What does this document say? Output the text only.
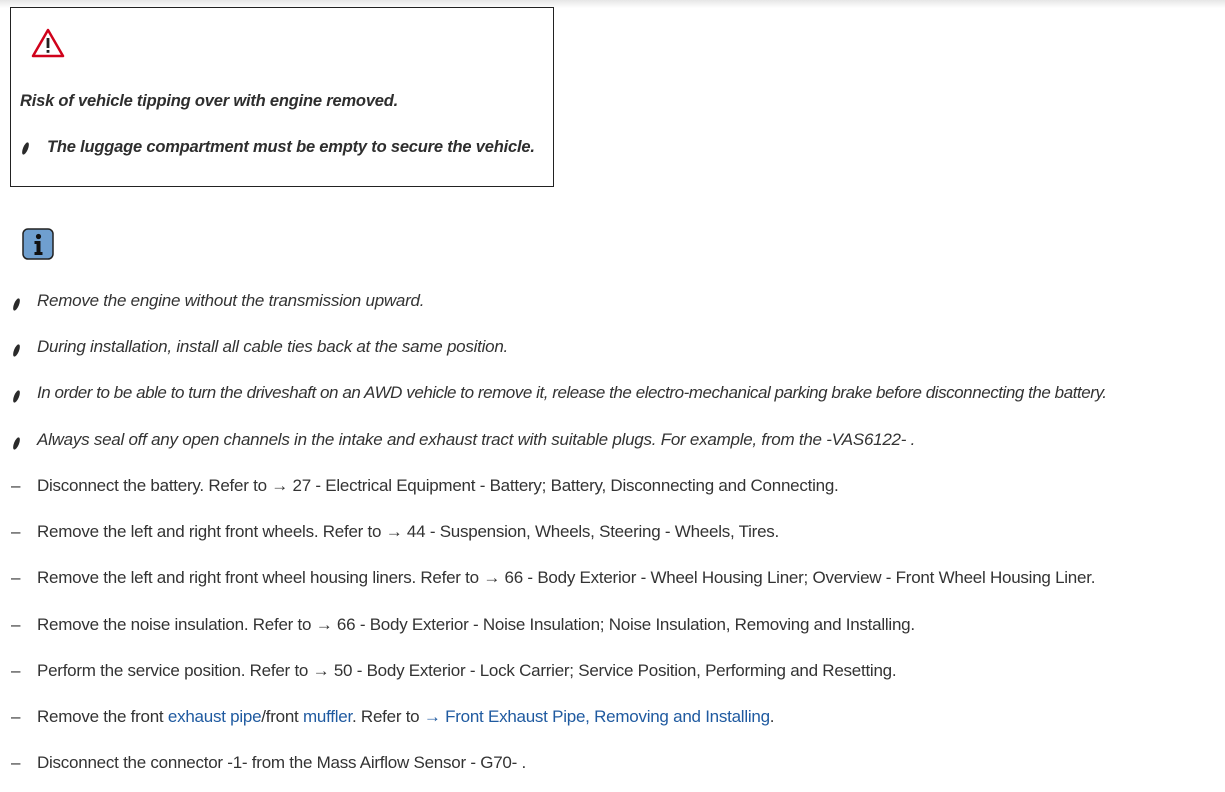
Risk of vehicle tipping over with engine removed.

The luggage compartment must be empty to secure the vehicle.
Remove the engine without the transmission upward.
During installation, install all cable ties back at the same position.
In order to be able to turn the driveshaft on an AWD vehicle to remove it, release the electro-mechanical parking brake before disconnecting the battery.
Always seal off any open channels in the intake and exhaust tract with suitable plugs. For example, from the -VAS6122- .
– Disconnect the battery. Refer to → 27 - Electrical Equipment - Battery; Battery, Disconnecting and Connecting.
– Remove the left and right front wheels. Refer to → 44 - Suspension, Wheels, Steering - Wheels, Tires.
– Remove the left and right front wheel housing liners. Refer to → 66 - Body Exterior - Wheel Housing Liner; Overview - Front Wheel Housing Liner.
– Remove the noise insulation. Refer to → 66 - Body Exterior - Noise Insulation; Noise Insulation, Removing and Installing.
– Perform the service position. Refer to → 50 - Body Exterior - Lock Carrier; Service Position, Performing and Resetting.
– Remove the front exhaust pipe/front muffler. Refer to → Front Exhaust Pipe, Removing and Installing.
– Disconnect the connector -1- from the Mass Airflow Sensor - G70- .
